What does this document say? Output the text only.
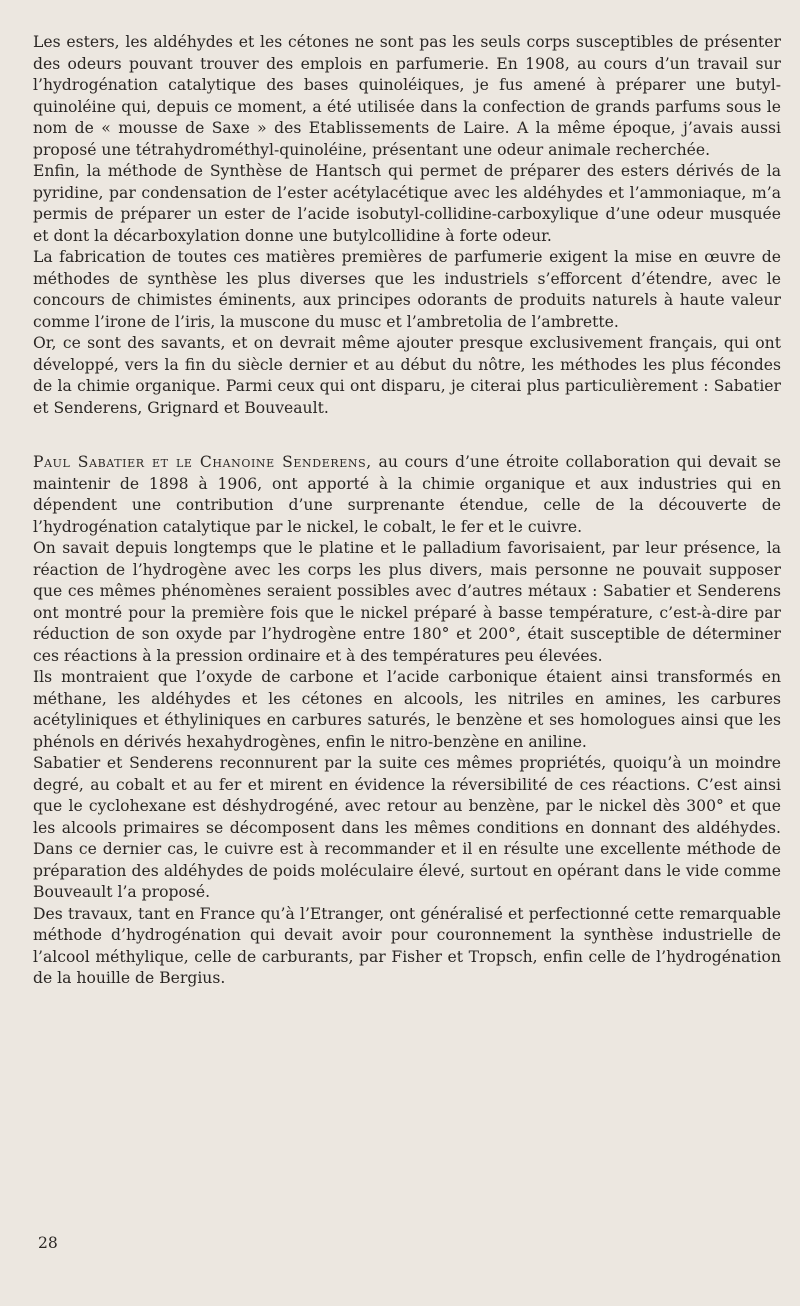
Les esters, les aldéhydes et les cétones ne sont pas les seuls corps susceptibles de présenter des odeurs pouvant trouver des emplois en parfumerie. En 1908, au cours d’un travail sur l’hydrogénation catalytique des bases quinoléiques, je fus amené à préparer une butyl-quinoléine qui, depuis ce moment, a été utilisée dans la confection de grands parfums sous le nom de « mousse de Saxe » des Etablissements de Laire. A la même époque, j’avais aussi proposé une tétrahydrométhyl-quinoléine, présentant une odeur animale recherchée.

Enfin, la méthode de Synthèse de Hantsch qui permet de préparer des esters dérivés de la pyridine, par condensation de l’ester acétylacétique avec les aldéhydes et l’ammoniaque, m’a permis de préparer un ester de l’acide isobutyl-collidine-carboxylique d’une odeur musquée et dont la décarboxylation donne une butylcollidine à forte odeur.

La fabrication de toutes ces matières premières de parfumerie exigent la mise en œuvre de méthodes de synthèse les plus diverses que les industriels s’efforcent d’étendre, avec le concours de chimistes éminents, aux principes odorants de produits naturels à haute valeur comme l’irone de l’iris, la muscone du musc et l’ambretolia de l’ambrette.

Or, ce sont des savants, et on devrait même ajouter presque exclusivement français, qui ont développé, vers la fin du siècle dernier et au début du nôtre, les méthodes les plus fécondes de la chimie organique. Parmi ceux qui ont disparu, je citerai plus particulièrement : Sabatier et Senderens, Grignard et Bouveault.

Paul Sabatier et le Chanoine Senderens, au cours d’une étroite collaboration qui devait se maintenir de 1898 à 1906, ont apporté à la chimie organique et aux industries qui en dépendent une contribution d’une surprenante étendue, celle de la découverte de l’hydrogénation catalytique par le nickel, le cobalt, le fer et le cuivre.

On savait depuis longtemps que le platine et le palladium favorisaient, par leur présence, la réaction de l’hydrogène avec les corps les plus divers, mais personne ne pouvait supposer que ces mêmes phénomènes seraient possibles avec d’autres métaux : Sabatier et Senderens ont montré pour la première fois que le nickel préparé à basse température, c’est-à-dire par réduction de son oxyde par l’hydrogène entre 180° et 200°, était susceptible de déterminer ces réactions à la pression ordinaire et à des températures peu élevées.

Ils montraient que l’oxyde de carbone et l’acide carbonique étaient ainsi transformés en méthane, les aldéhydes et les cétones en alcools, les nitriles en amines, les carbures acétyliniques et éthyliniques en carbures saturés, le benzène et ses homologues ainsi que les phénols en dérivés hexahydrogènes, enfin le nitro-benzène en aniline.

Sabatier et Senderens reconnurent par la suite ces mêmes propriétés, quoiqu’à un moindre degré, au cobalt et au fer et mirent en évidence la réversibilité de ces réactions. C’est ainsi que le cyclohexane est déshydrogéné, avec retour au benzène, par le nickel dès 300° et que les alcools primaires se décomposent dans les mêmes conditions en donnant des aldéhydes. Dans ce dernier cas, le cuivre est à recommander et il en résulte une excellente méthode de préparation des aldéhydes de poids moléculaire élevé, surtout en opérant dans le vide comme Bouveault l’a proposé.

Des travaux, tant en France qu’à l’Etranger, ont généralisé et perfectionné cette remarquable méthode d’hydrogénation qui devait avoir pour couronnement la synthèse industrielle de l’alcool méthylique, celle de carburants, par Fisher et Tropsch, enfin celle de l’hydrogénation de la houille de Bergius.

28
